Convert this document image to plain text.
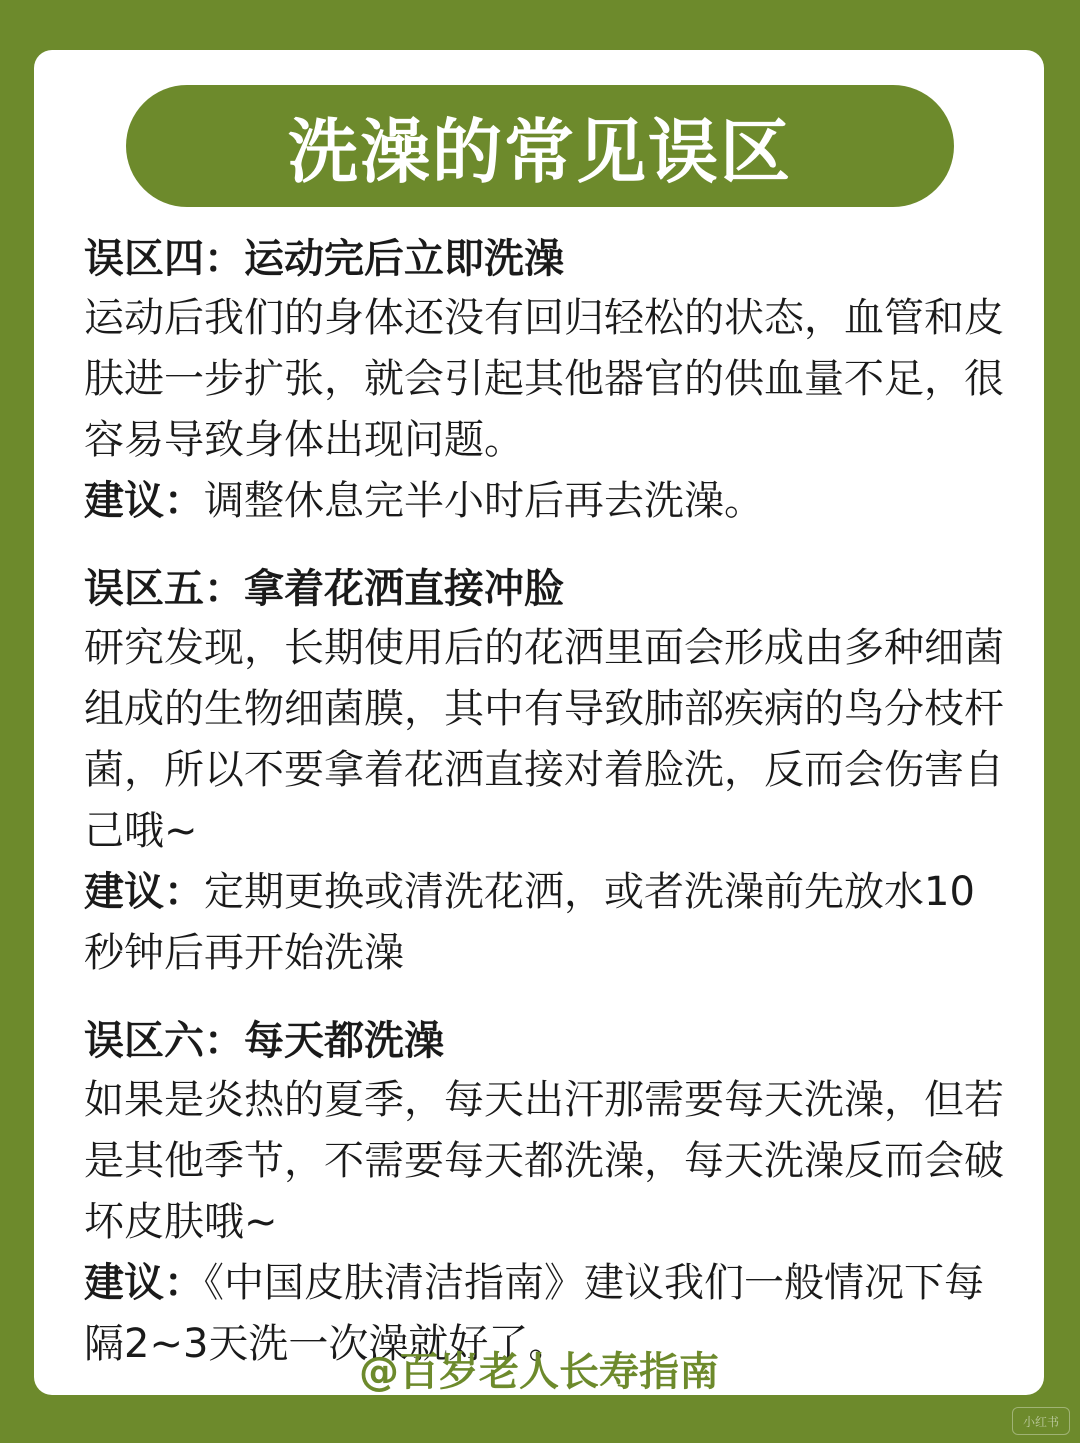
洗澡的常见误区

误区四：运动完后立即洗澡

运动后我们的身体还没有回归轻松的状态，血管和皮肤进一步扩张，就会引起其他器官的供血量不足，很容易导致身体出现问题。

建议：调整休息完半小时后再去洗澡。

误区五：拿着花洒直接冲脸

研究发现，长期使用后的花洒里面会形成由多种细菌组成的生物细菌膜，其中有导致肺部疾病的鸟分枝杆菌，所以不要拿着花洒直接对着脸洗，反而会伤害自己哦~

建议：定期更换或清洗花洒，或者洗澡前先放水10秒钟后再开始洗澡

误区六：每天都洗澡

如果是炎热的夏季，每天出汗那需要每天洗澡，但若是其他季节，不需要每天都洗澡，每天洗澡反而会破坏皮肤哦~

建议：《中国皮肤清洁指南》建议我们一般情况下每隔2~3天洗一次澡就好了。

@百岁老人长寿指南
小红书
